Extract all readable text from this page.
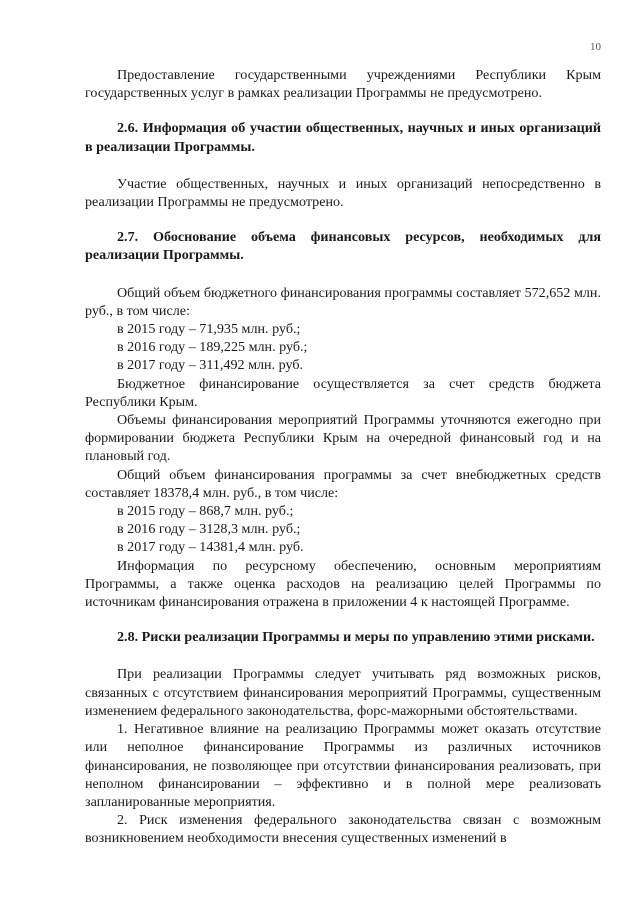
10

Предоставление государственными учреждениями Республики Крым государственных услуг в рамках реализации Программы не предусмотрено.

2.6. Информация об участии общественных, научных и иных организаций в реализации Программы.

Участие общественных, научных и иных организаций непосредственно в реализации Программы не предусмотрено.

2.7. Обоснование объема финансовых ресурсов, необходимых для реализации Программы.

Общий объем бюджетного финансирования программы составляет 572,652 млн. руб., в том числе:

в 2015 году – 71,935 млн. руб.;

в 2016 году – 189,225 млн. руб.;

в 2017 году – 311,492 млн. руб.

Бюджетное финансирование осуществляется за счет средств бюджета Республики Крым.

Объемы финансирования мероприятий Программы уточняются ежегодно при формировании бюджета Республики Крым на очередной финансовый год и на плановый год.

Общий объем финансирования программы за счет внебюджетных средств составляет 18378,4 млн. руб., в том числе:

в 2015 году – 868,7 млн. руб.;

в 2016 году – 3128,3 млн. руб.;

в 2017 году – 14381,4 млн. руб.

Информация по ресурсному обеспечению, основным мероприятиям Программы, а также оценка расходов на реализацию целей Программы по источникам финансирования отражена в приложении 4 к настоящей Программе.

2.8. Риски реализации Программы и меры по управлению этими рисками.

При реализации Программы следует учитывать ряд возможных рисков, связанных с отсутствием финансирования мероприятий Программы, существенным изменением федерального законодательства, форс-мажорными обстоятельствами.

1. Негативное влияние на реализацию Программы может оказать отсутствие или неполное финансирование Программы из различных источников финансирования, не позволяющее при отсутствии финансирования реализовать, при неполном финансировании – эффективно и в полной мере реализовать запланированные мероприятия.

2. Риск изменения федерального законодательства связан с возможным возникновением необходимости внесения существенных изменений в
